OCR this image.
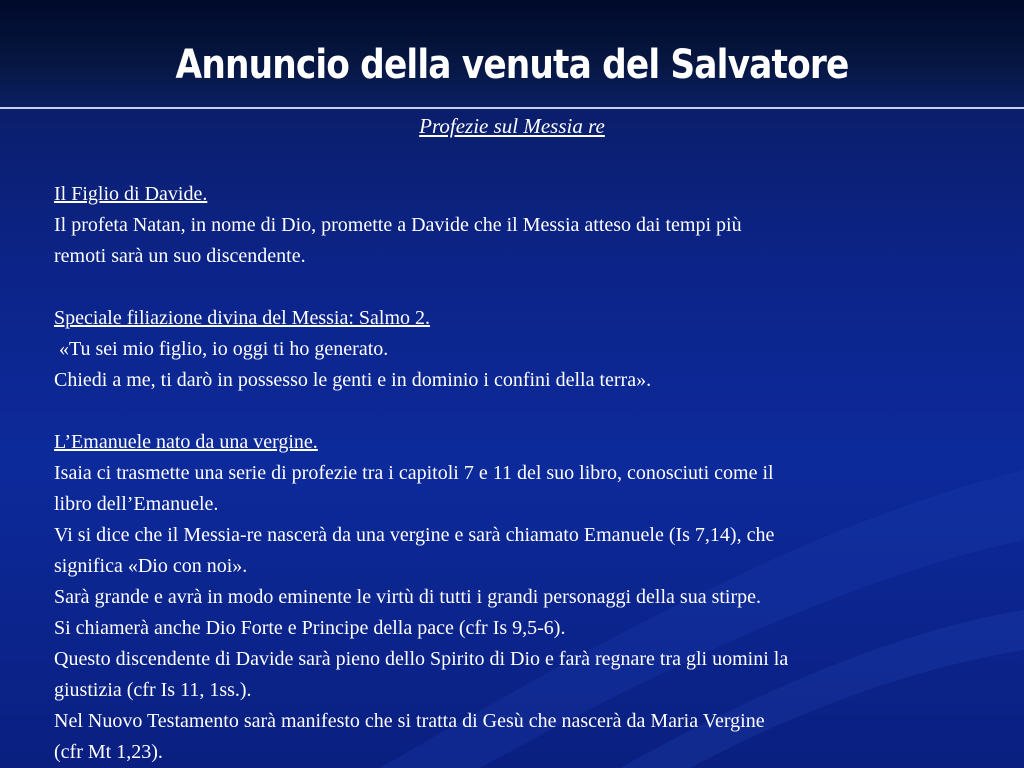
Annuncio della venuta del Salvatore
Profezie sul Messia re

Il Figlio di Davide.

Il profeta Natan, in nome di Dio, promette a Davide che il Messia atteso dai tempi più

remoti sarà un suo discendente.

Speciale filiazione divina del Messia: Salmo 2.

«Tu sei mio figlio, io oggi ti ho generato.

Chiedi a me, ti darò in possesso le genti e in dominio i confini della terra».

L’Emanuele nato da una vergine.

Isaia ci trasmette una serie di profezie tra i capitoli 7 e 11 del suo libro, conosciuti come il

libro dell’Emanuele.

Vi si dice che il Messia-re nascerà da una vergine e sarà chiamato Emanuele (Is 7,14), che

significa «Dio con noi».

Sarà grande e avrà in modo eminente le virtù di tutti i grandi personaggi della sua stirpe.

Si chiamerà anche Dio Forte e Principe della pace (cfr Is 9,5-6).

Questo discendente di Davide sarà pieno dello Spirito di Dio e farà regnare tra gli uomini la

giustizia (cfr Is 11, 1ss.).

Nel Nuovo Testamento sarà manifesto che si tratta di Gesù che nascerà da Maria Vergine

(cfr Mt 1,23).
